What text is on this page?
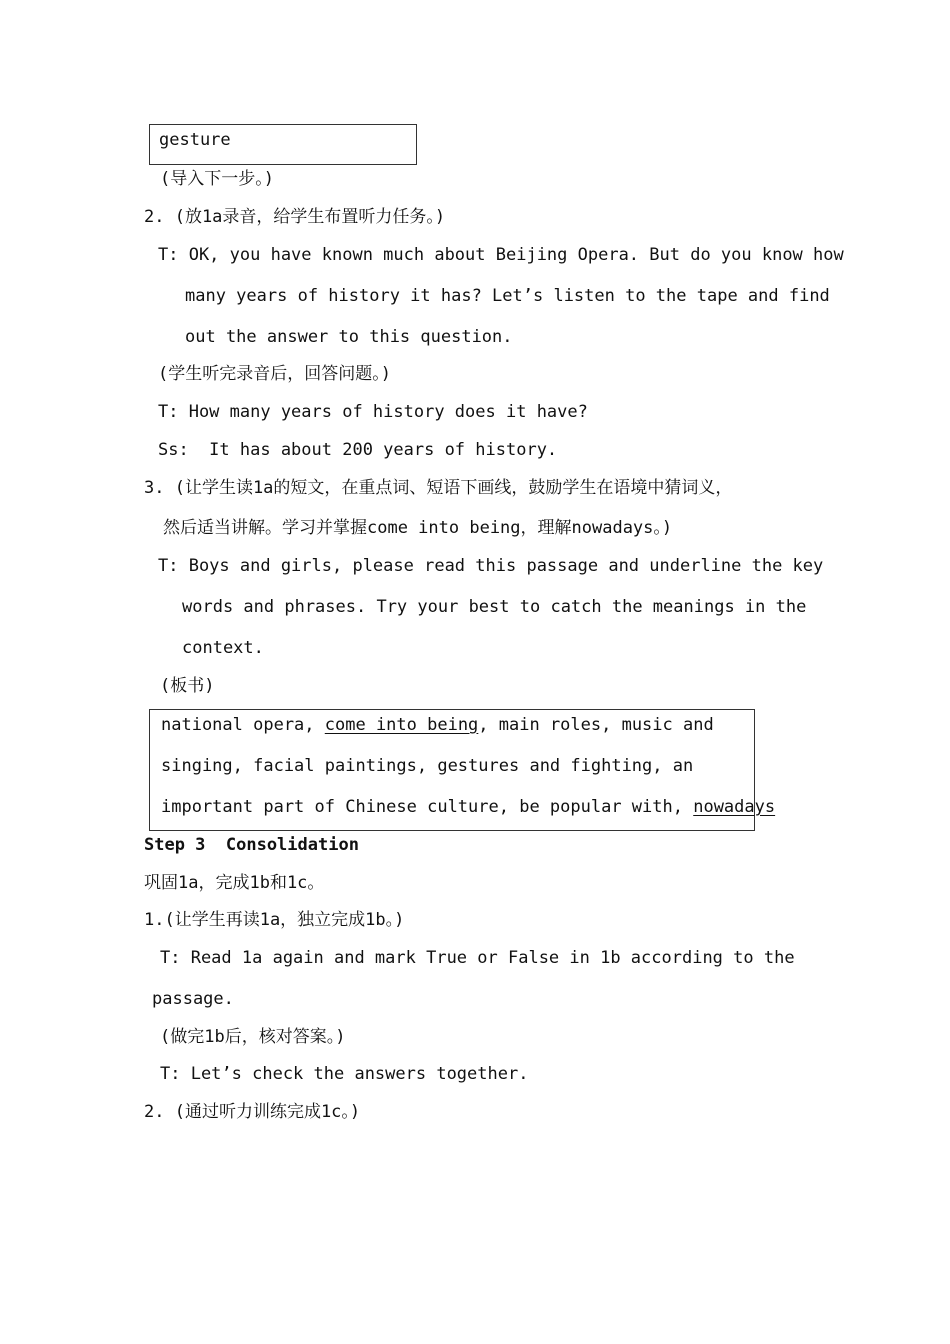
gesture
(导入下一步。)
2. (放1a录音，给学生布置听力任务。)
T: OK, you have known much about Beijing Opera. But do you know how
many years of history it has? Let’s listen to the tape and find
out the answer to this question.
(学生听完录音后，回答问题。)
T: How many years of history does it have?
Ss:  It has about 200 years of history.
3. (让学生读1a的短文，在重点词、短语下画线，鼓励学生在语境中猜词义，
然后适当讲解。学习并掌握come into being，理解nowadays。)
T: Boys and girls, please read this passage and underline the key
words and phrases. Try your best to catch the meanings in the
context.
(板书)
national opera, come into being, main roles, music and
singing, facial paintings, gestures and fighting, an
important part of Chinese culture, be popular with, nowadays
Step 3  Consolidation
巩固1a，完成1b和1c。
1.(让学生再读1a，独立完成1b。)
T: Read 1a again and mark True or False in 1b according to the
passage.
(做完1b后，核对答案。)
T: Let’s check the answers together.
2. (通过听力训练完成1c。)
